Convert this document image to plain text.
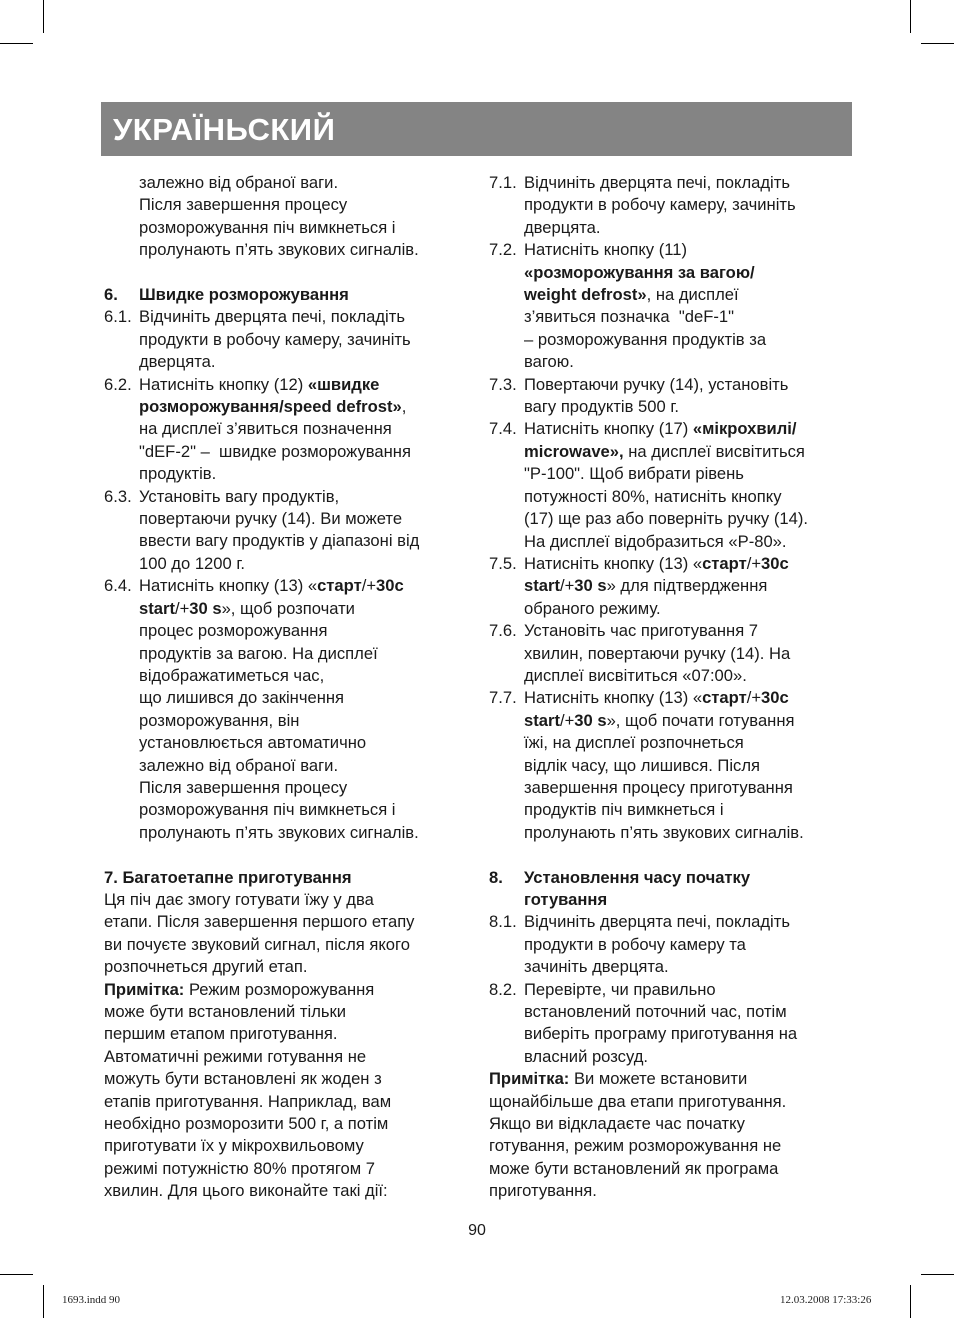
УКРАЇНЬСКИЙ
залежно від обраної ваги.
Після завершення процесу
розморожування піч вимкнеться і
пролунають п’ять звукових сигналів.
6.	Швидке розморожування
6.1. Відчиніть дверцята печі, покладіть
продукти в робочу камеру, зачиніть
дверцята.
6.2. Натисніть кнопку (12) «швидке
розморожування/speed defrost»,
на дисплеї з’явиться позначення
"dEF-2" –  швидке розморожування
продуктів.
6.3. Установіть вагу продуктів,
повертаючи ручку (14). Ви можете
ввести вагу продуктів у діапазоні від
100 до 1200 г.
6.4. Натисніть кнопку (13) «старт/+30с
start/+30 s», щоб розпочати
процес розморожування
продуктів за вагою. На дисплеї
відображатиметься час,
що лишився до закінчення
розморожування, він
установлюється автоматично
залежно від обраної ваги.
Після завершення процесу
розморожування піч вимкнеться і
пролунають п’ять звукових сигналів.
7. Багатоетапне приготування
Ця піч дає змогу готувати їжу у два
етапи. Після завершення першого етапу
ви почуєте звуковий сигнал, після якого
розпочнеться другий етап.
Примітка: Режим розморожування
може бути встановлений тільки
першим етапом приготування.
Автоматичні режими готування не
можуть бути встановлені як жоден з
етапів приготування. Наприклад, вам
необхідно розморозити 500 г, а потім
приготувати їх у мікрохвильовому
режимі потужністю 80% протягом 7
хвилин. Для цього виконайте такі дії:
7.1. Відчиніть дверцята печі, покладіть
продукти в робочу камеру, зачиніть
дверцята.
7.2. Натисніть кнопку (11)
«розморожування за вагою/
weight defrost», на дисплеї
з’явиться позначка  "deF-1"
– розморожування продуктів за
вагою.
7.3. Повертаючи ручку (14), установіть
вагу продуктів 500 г.
7.4. Натисніть кнопку (17) «мікрохвилі/
microwave», на дисплеї висвітиться
"P-100". Щоб вибрати рівень
потужності 80%, натисніть кнопку
(17) ще раз або поверніть ручку (14).
На дисплеї відобразиться «P-80».
7.5. Натисніть кнопку (13) «старт/+30с
start/+30 s» для підтвердження
обраного режиму.
7.6. Установіть час приготування 7
хвилин, повертаючи ручку (14). На
дисплеї висвітиться «07:00».
7.7. Натисніть кнопку (13) «старт/+30с
start/+30 s», щоб почати готування
їжі, на дисплеї розпочнеться
відлік часу, що лишився. Після
завершення процесу приготування
продуктів піч вимкнеться і
пролунають п’ять звукових сигналів.
8.	Установлення часу початку
готування
8.1. Відчиніть дверцята печі, покладіть
продукти в робочу камеру та
зачиніть дверцята.
8.2. Перевірте, чи правильно
встановлений поточний час, потім
виберіть програму приготування на
власний розсуд.
Примітка: Ви можете встановити
щонайбільше два етапи приготування.
Якщо ви відкладаєте час початку
готування, режим розморожування не
може бути встановлений як програма
приготування.
90
1693.indd 90	12.03.2008 17:33:26
